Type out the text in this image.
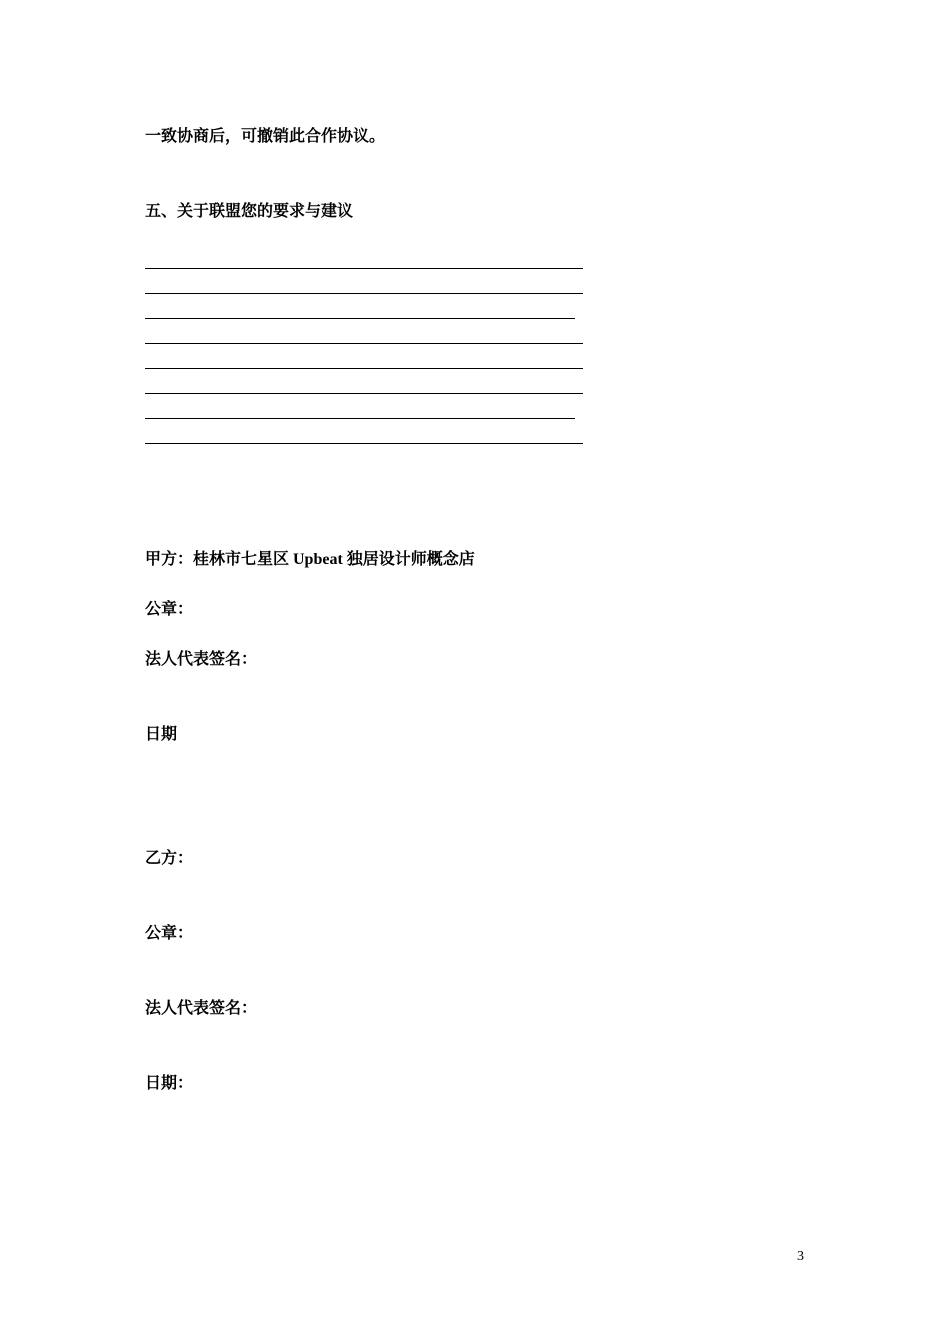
一致协商后，可撤销此合作协议。

五、关于联盟您的要求与建议

甲方：桂林市七星区 Upbeat 独居设计师概念店

公章：

法人代表签名：

日期

乙方：

公章：

法人代表签名：

日期：

3
